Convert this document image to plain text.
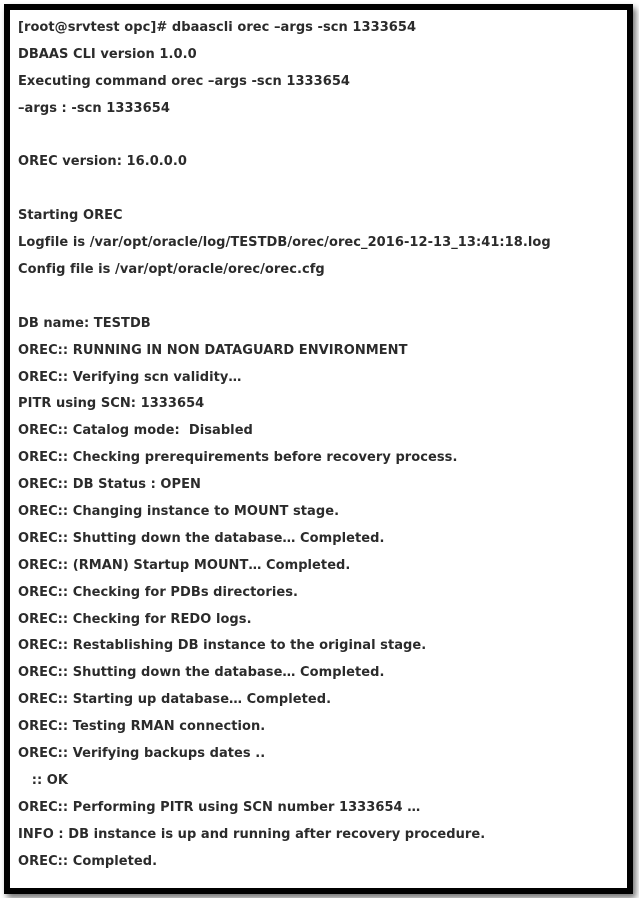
[root@srvtest opc]# dbaascli orec –args -scn 1333654
DBAAS CLI version 1.0.0
Executing command orec –args -scn 1333654
–args : -scn 1333654
OREC version: 16.0.0.0
Starting OREC
Logfile is /var/opt/oracle/log/TESTDB/orec/orec_2016-12-13_13:41:18.log
Config file is /var/opt/oracle/orec/orec.cfg
DB name: TESTDB
OREC:: RUNNING IN NON DATAGUARD ENVIRONMENT
OREC:: Verifying scn validity…
PITR using SCN: 1333654
OREC:: Catalog mode:  Disabled
OREC:: Checking prerequirements before recovery process.
OREC:: DB Status : OPEN
OREC:: Changing instance to MOUNT stage.
OREC:: Shutting down the database… Completed.
OREC:: (RMAN) Startup MOUNT… Completed.
OREC:: Checking for PDBs directories.
OREC:: Checking for REDO logs.
OREC:: Restablishing DB instance to the original stage.
OREC:: Shutting down the database… Completed.
OREC:: Starting up database… Completed.
OREC:: Testing RMAN connection.
OREC:: Verifying backups dates ..
:: OK
OREC:: Performing PITR using SCN number 1333654 …
INFO : DB instance is up and running after recovery procedure.
OREC:: Completed.
